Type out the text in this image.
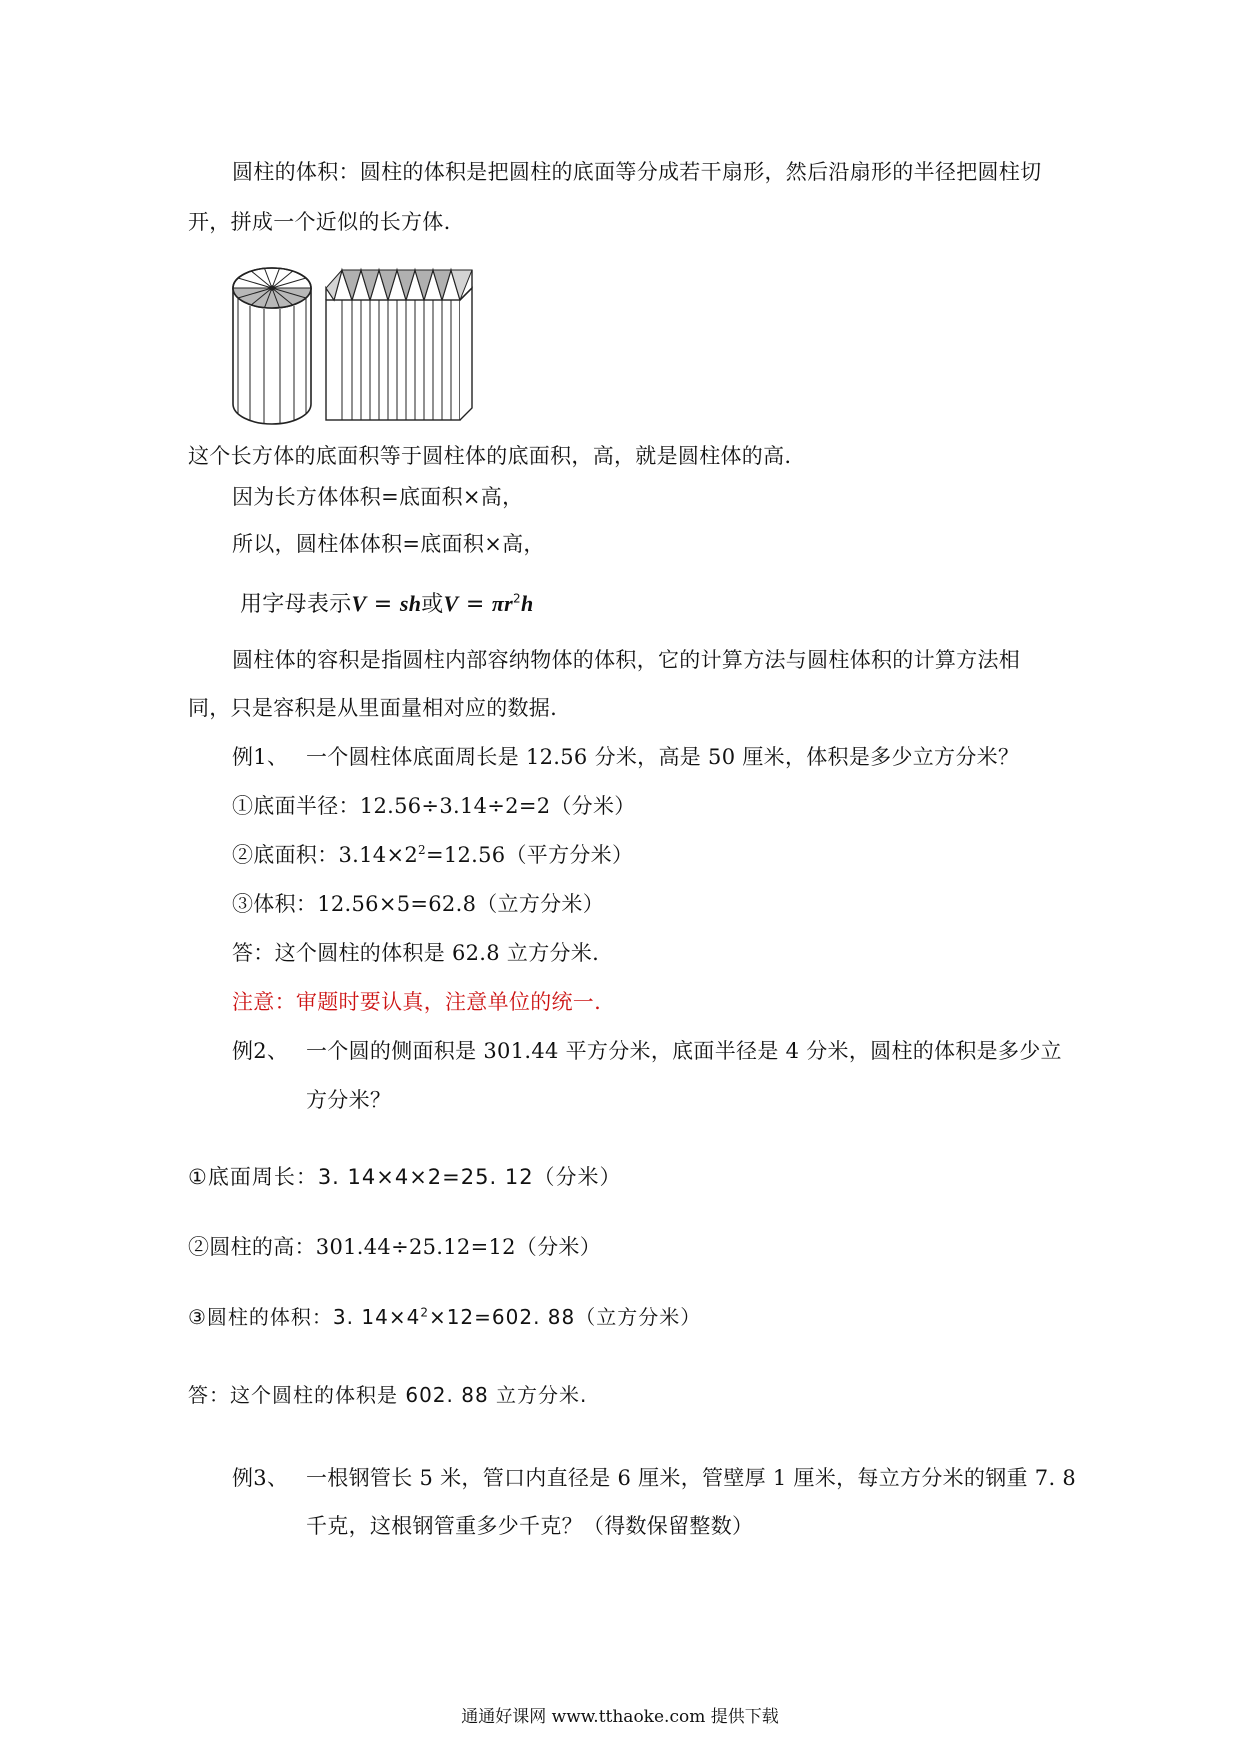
圆柱的体积：圆柱的体积是把圆柱的底面等分成若干扇形，然后沿扇形的半径把圆柱切
开，拼成一个近似的长方体.
这个长方体的底面积等于圆柱体的底面积，高，就是圆柱体的高.
因为长方体体积=底面积×高，
所以，圆柱体体积=底面积×高，
用字母表示V = sh或$V = \pi r^2h$
圆柱体的容积是指圆柱内部容纳物体的体积，它的计算方法与圆柱体积的计算方法相
同，只是容积是从里面量相对应的数据.
例1、 一个圆柱体底面周长是 12.56 分米，高是 50 厘米，体积是多少立方分米？
①底面半径：12.56÷3.14÷2=2（分米）
②底面积：$3.14\times 2^2=12.56$（平方分米）
③体积：12.56×5=62.8（立方分米）
答：这个圆柱的体积是 62.8 立方分米.
注意：审题时要认真，注意单位的统一.
例2、 一个圆的侧面积是 301.44 平方分米，底面半径是 4 分米，圆柱的体积是多少立
方分米？
①底面周长：3. 14×4×2=25. 12（分米）
②圆柱的高：301.44÷25.12=12（分米）
③圆柱的体积：3. $14\times 4^2\times 12=602$. 88（立方分米）
答：这个圆柱的体积是 602. 88 立方分米.
例3、 一根钢管长 5 米，管口内直径是 6 厘米，管壁厚 1 厘米，每立方分米的钢重 7. 8
千克，这根钢管重多少千克？（得数保留整数）
通通好课网 www.tthaoke.com 提供下载
